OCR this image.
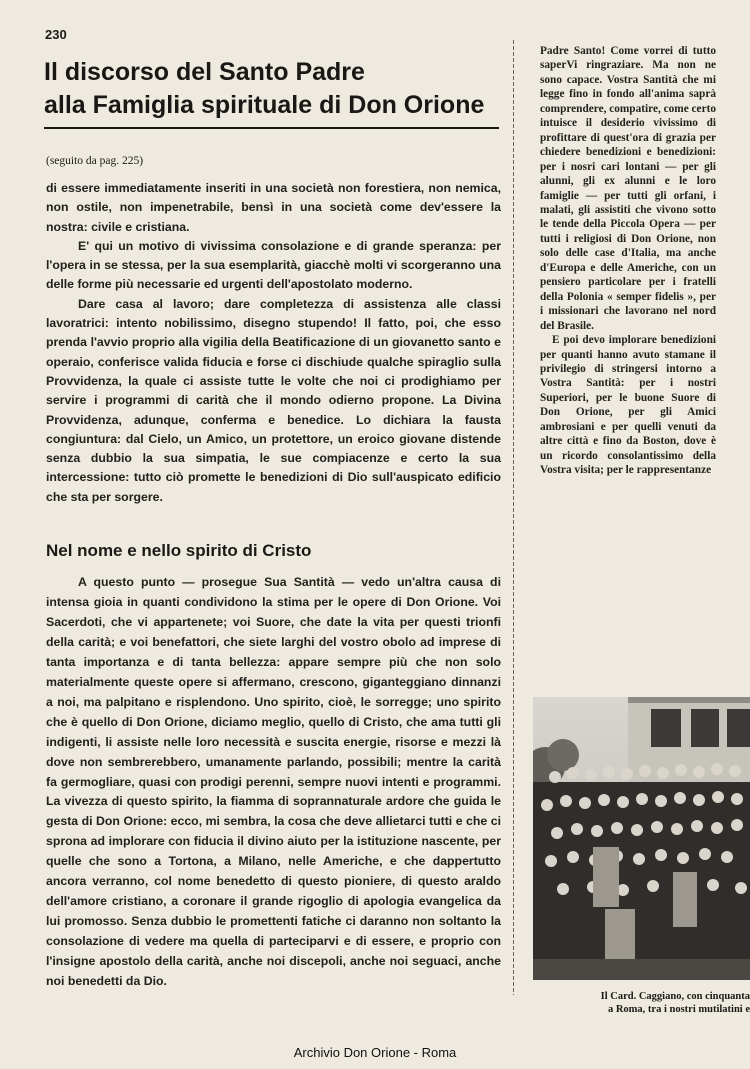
230
Il discorso del Santo Padre
alla Famiglia spirituale di Don Orione
(seguito da pag. 225)

di essere immediatamente inseriti in una società non forestiera, non nemica, non ostile, non impenetrabile, bensì in una società come dev'essere la nostra: civile e cristiana.

E' qui un motivo di vivissima consolazione e di grande speranza: per l'opera in se stessa, per la sua esemplarità, giacchè molti vi scorgeranno una delle forme più necessarie ed urgenti dell'apostolato moderno.

Dare casa al lavoro; dare completezza di assistenza alle classi lavoratrici: intento nobilissimo, disegno stupendo! Il fatto, poi, che esso prenda l'avvio proprio alla vigilia della Beatificazione di un giovanetto santo e operaio, conferisce valida fiducia e forse ci dischiude qualche spiraglio sulla Provvidenza, la quale ci assiste tutte le volte che noi ci prodighiamo per servire i programmi di carità che il mondo odierno propone. La Divina Provvidenza, adunque, conferma e benedice. Lo dichiara la fausta congiuntura: dal Cielo, un Amico, un protettore, un eroico giovane distende senza dubbio la sua simpatia, le sue compiacenze e certo la sua intercessione: tutto ciò promette le benedizioni di Dio sull'auspicato edificio che sta per sorgere.

Nel nome e nello spirito di Cristo

A questo punto — prosegue Sua Santità — vedo un'altra causa di intensa gioia in quanti condividono la stima per le opere di Don Orione. Voi Sacerdoti, che vi appartenete; voi Suore, che date la vita per questi trionfi della carità; e voi benefattori, che siete larghi del vostro obolo ad imprese di tanta importanza e di tanta bellezza: appare sempre più che non solo materialmente queste opere si affermano, crescono, giganteggiano dinnanzi a noi, ma palpitano e risplendono. Uno spirito, cioè, le sorregge; uno spirito che è quello di Don Orione, diciamo meglio, quello di Cristo, che ama tutti gli indigenti, li assiste nelle loro necessità e suscita energie, risorse e mezzi là dove non sembrerebbero, umanamente parlando, possibili; mentre la carità fa germogliare, quasi con prodigi perenni, sempre nuovi intenti e programmi. La vivezza di questo spirito, la fiamma di soprannaturale ardore che guida le gesta di Don Orione: ecco, mi sembra, la cosa che deve allietarci tutti e che ci sprona ad implorare con fiducia il divino aiuto per la istituzione nascente, per quelle che sono a Tortona, a Milano, nelle Americhe, e che dappertutto ancora verranno, col nome benedetto di questo pioniere, di questo araldo dell'amore cristiano, a coronare il grande rigoglio di apologia evangelica da lui promosso. Senza dubbio le promettenti fatiche ci daranno non soltanto la consolazione di vedere ma quella di parteciparvi e di essere, e proprio con l'insigne apostolo della carità, anche noi discepoli, anche noi seguaci, anche noi benedetti da Dio.

Padre Santo! Come vorrei di tutto saperVi ringraziare. Ma non ne sono capace. Vostra Santità che mi legge fino in fondo all'anima saprà comprendere, compatire, come certo intuisce il desiderio vivissimo di profittare di quest'ora di grazia per chiedere benedizioni e benedizioni: per i nosri cari lontani — per gli alunni, gli ex alunni e le loro famiglie — per tutti gli orfani, i malati, gli assistiti che vivono sotto le tende della Piccola Opera — per tutti i religiosi di Don Orione, non solo delle case d'Italia, ma anche d'Europa e delle Americhe, con un pensiero particolare per i fratelli della Polonia « semper fidelis », per i missionari che lavorano nel nord del Brasile.

E poi devo implorare benedizioni per quanti hanno avuto stamane il privilegio di stringersi intorno a Vostra Santità: per i nostri Superiori, per le buone Suore di Don Orione, per gli Amici ambrosiani e per quelli venuti da altre città e fino da Boston, dove è un ricordo consolantissimo della Vostra visita; per le rappresentanze

Il Card. Caggiano, con cinquanta
a Roma, tra i nostri mutilatini e
Archivio Don Orione - Roma
